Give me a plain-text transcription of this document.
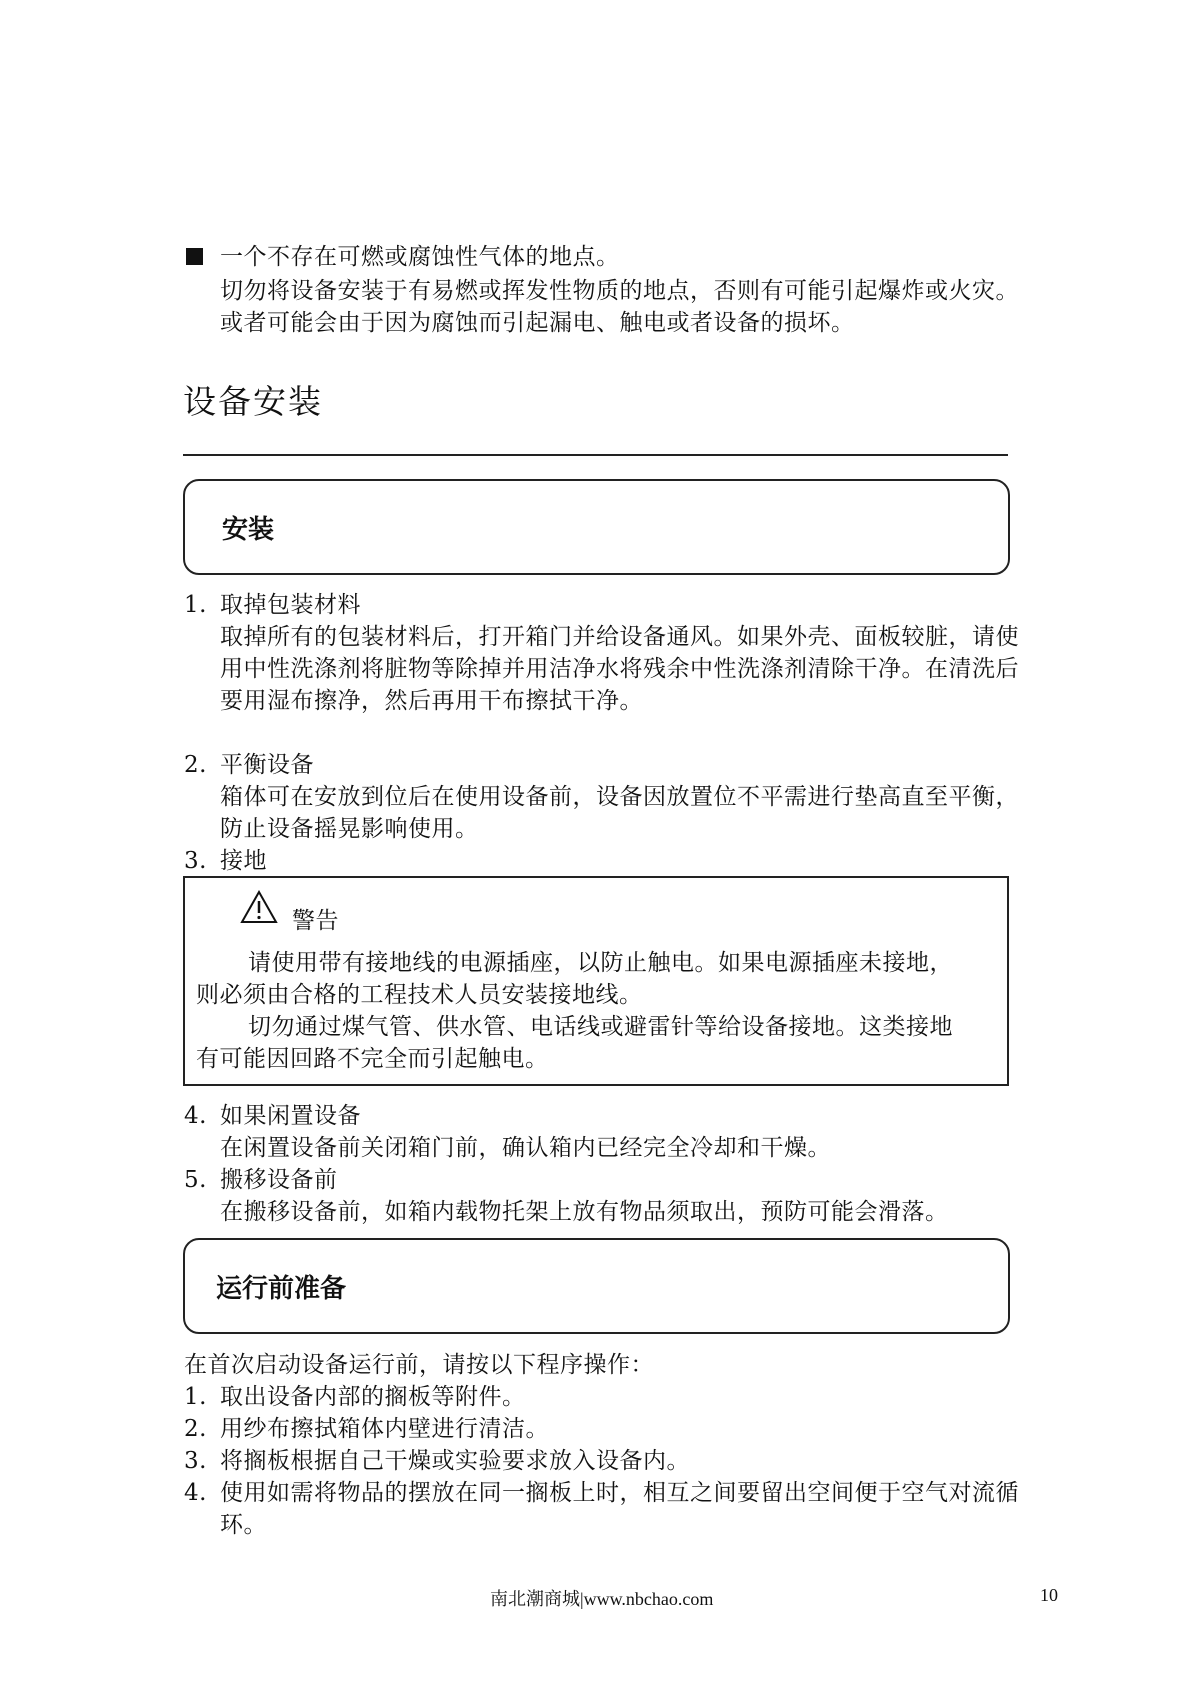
一个不存在可燃或腐蚀性气体的地点。
切勿将设备安装于有易燃或挥发性物质的地点，否则有可能引起爆炸或火灾。
或者可能会由于因为腐蚀而引起漏电、触电或者设备的损坏。
设备安装
安装
1. 取掉包装材料
取掉所有的包装材料后，打开箱门并给设备通风。如果外壳、面板较脏，请使
用中性洗涤剂将脏物等除掉并用洁净水将残余中性洗涤剂清除干净。在清洗后
要用湿布擦净，然后再用干布擦拭干净。
2. 平衡设备
箱体可在安放到位后在使用设备前，设备因放置位不平需进行垫高直至平衡，
防止设备摇晃影响使用。
3. 接地
警告
请使用带有接地线的电源插座，以防止触电。如果电源插座未接地，
则必须由合格的工程技术人员安装接地线。
切勿通过煤气管、供水管、电话线或避雷针等给设备接地。这类接地
有可能因回路不完全而引起触电。
4. 如果闲置设备
在闲置设备前关闭箱门前，确认箱内已经完全冷却和干燥。
5. 搬移设备前
在搬移设备前，如箱内载物托架上放有物品须取出，预防可能会滑落。
运行前准备
在首次启动设备运行前，请按以下程序操作：
1. 取出设备内部的搁板等附件。
2. 用纱布擦拭箱体内壁进行清洁。
3. 将搁板根据自己干燥或实验要求放入设备内。
4. 使用如需将物品的摆放在同一搁板上时，相互之间要留出空间便于空气对流循
环。
南北潮商城|www.nbchao.com	10
